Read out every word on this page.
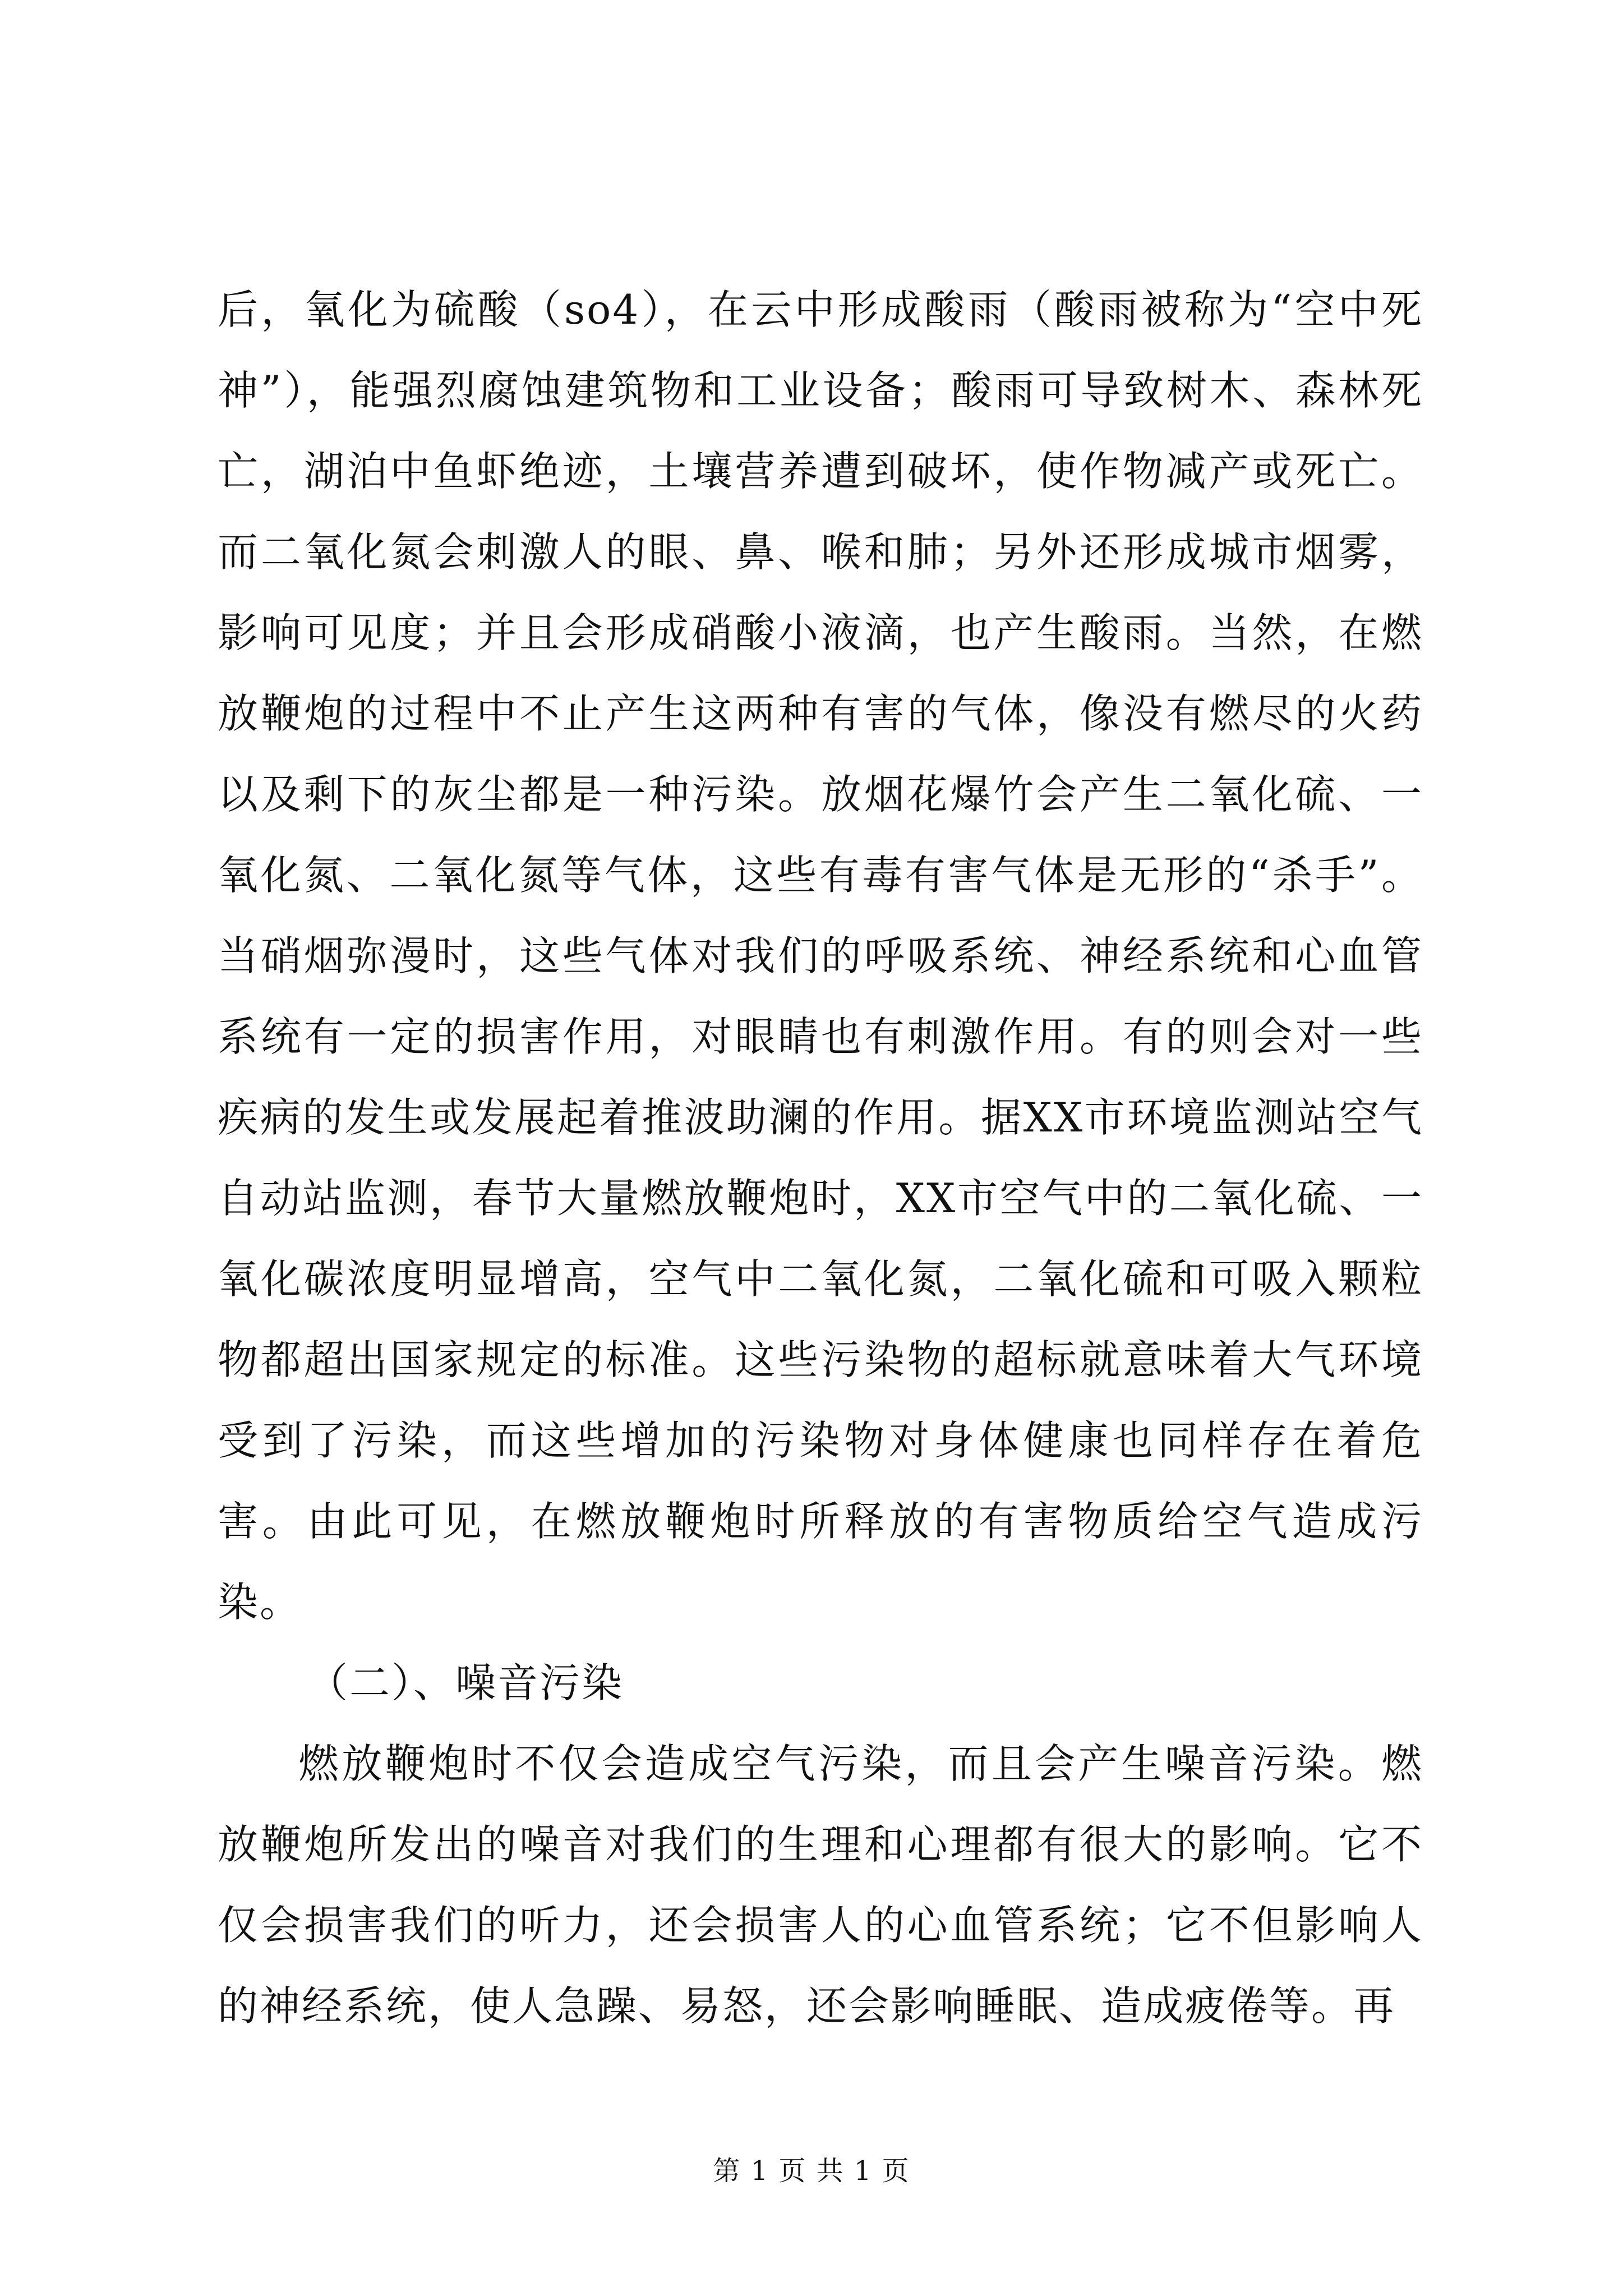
后，氧化为硫酸（so4），在云中形成酸雨（酸雨被称为“空中死神”），能强烈腐蚀建筑物和工业设备；酸雨可导致树木、森林死亡，湖泊中鱼虾绝迹，土壤营养遭到破坏，使作物减产或死亡。而二氧化氮会刺激人的眼、鼻、喉和肺；另外还形成城市烟雾，影响可见度；并且会形成硝酸小液滴，也产生酸雨。当然，在燃放鞭炮的过程中不止产生这两种有害的气体，像没有燃尽的火药以及剩下的灰尘都是一种污染。放烟花爆竹会产生二氧化硫、一氧化氮、二氧化氮等气体，这些有毒有害气体是无形的“杀手”。当硝烟弥漫时，这些气体对我们的呼吸系统、神经系统和心血管系统有一定的损害作用，对眼睛也有刺激作用。有的则会对一些疾病的发生或发展起着推波助澜的作用。据XX市环境监测站空气自动站监测，春节大量燃放鞭炮时，XX市空气中的二氧化硫、一氧化碳浓度明显增高，空气中二氧化氮，二氧化硫和可吸入颗粒物都超出国家规定的标准。这些污染物的超标就意味着大气环境受到了污染，而这些增加的污染物对身体健康也同样存在着危害。由此可见，在燃放鞭炮时所释放的有害物质给空气造成污染。

（二）、噪音污染

燃放鞭炮时不仅会造成空气污染，而且会产生噪音污染。燃放鞭炮所发出的噪音对我们的生理和心理都有很大的影响。它不仅会损害我们的听力，还会损害人的心血管系统；它不但影响人的神经系统，使人急躁、易怒，还会影响睡眠、造成疲倦等。再

第 1 页 共 1 页
